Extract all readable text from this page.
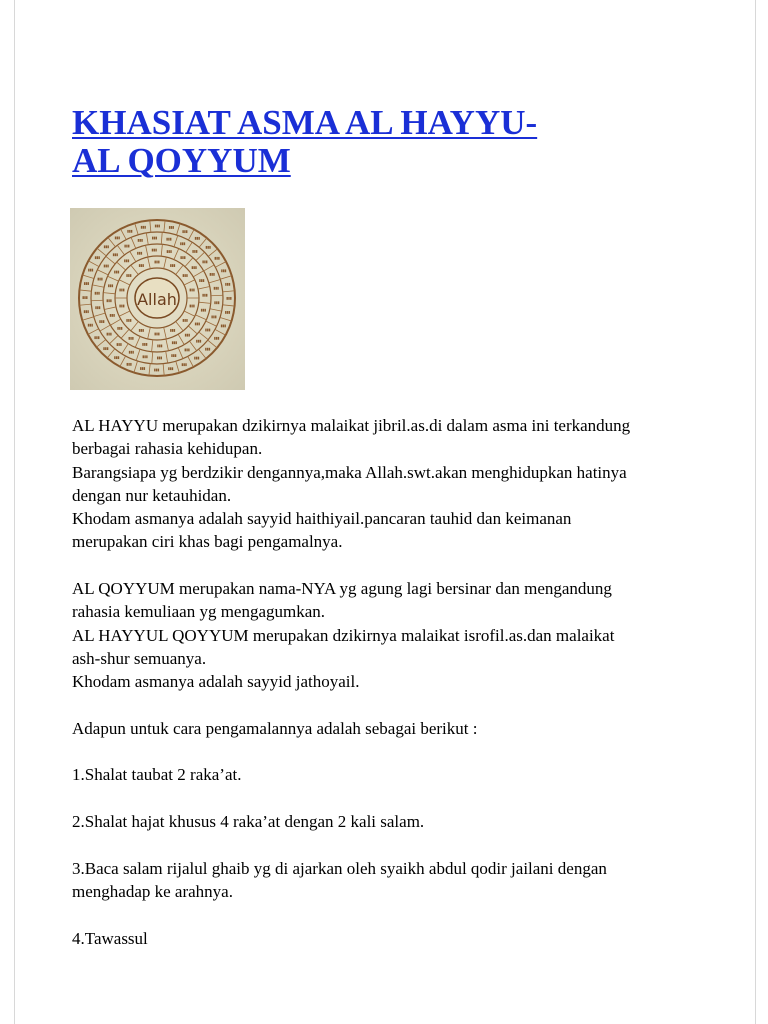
KHASIAT ASMA AL HAYYU-
AL QOYYUM
Allah

AL HAYYU merupakan dzikirnya malaikat jibril.as.di dalam asma ini terkandung

berbagai rahasia kehidupan.

Barangsiapa yg berdzikir dengannya,maka Allah.swt.akan menghidupkan hatinya

dengan nur ketauhidan.

Khodam asmanya adalah sayyid haithiyail.pancaran tauhid dan keimanan

merupakan ciri khas bagi pengamalnya.

AL QOYYUM merupakan nama-NYA yg agung lagi bersinar dan mengandung

rahasia kemuliaan yg mengagumkan.

AL HAYYUL QOYYUM merupakan dzikirnya malaikat isrofil.as.dan malaikat

ash-shur semuanya.

Khodam asmanya adalah sayyid jathoyail.

Adapun untuk cara pengamalannya adalah sebagai berikut :

1.Shalat taubat 2 raka’at.

2.Shalat hajat khusus 4 raka’at dengan 2 kali salam.

3.Baca salam rijalul ghaib yg di ajarkan oleh syaikh abdul qodir jailani dengan

menghadap ke arahnya.

4.Tawassul
